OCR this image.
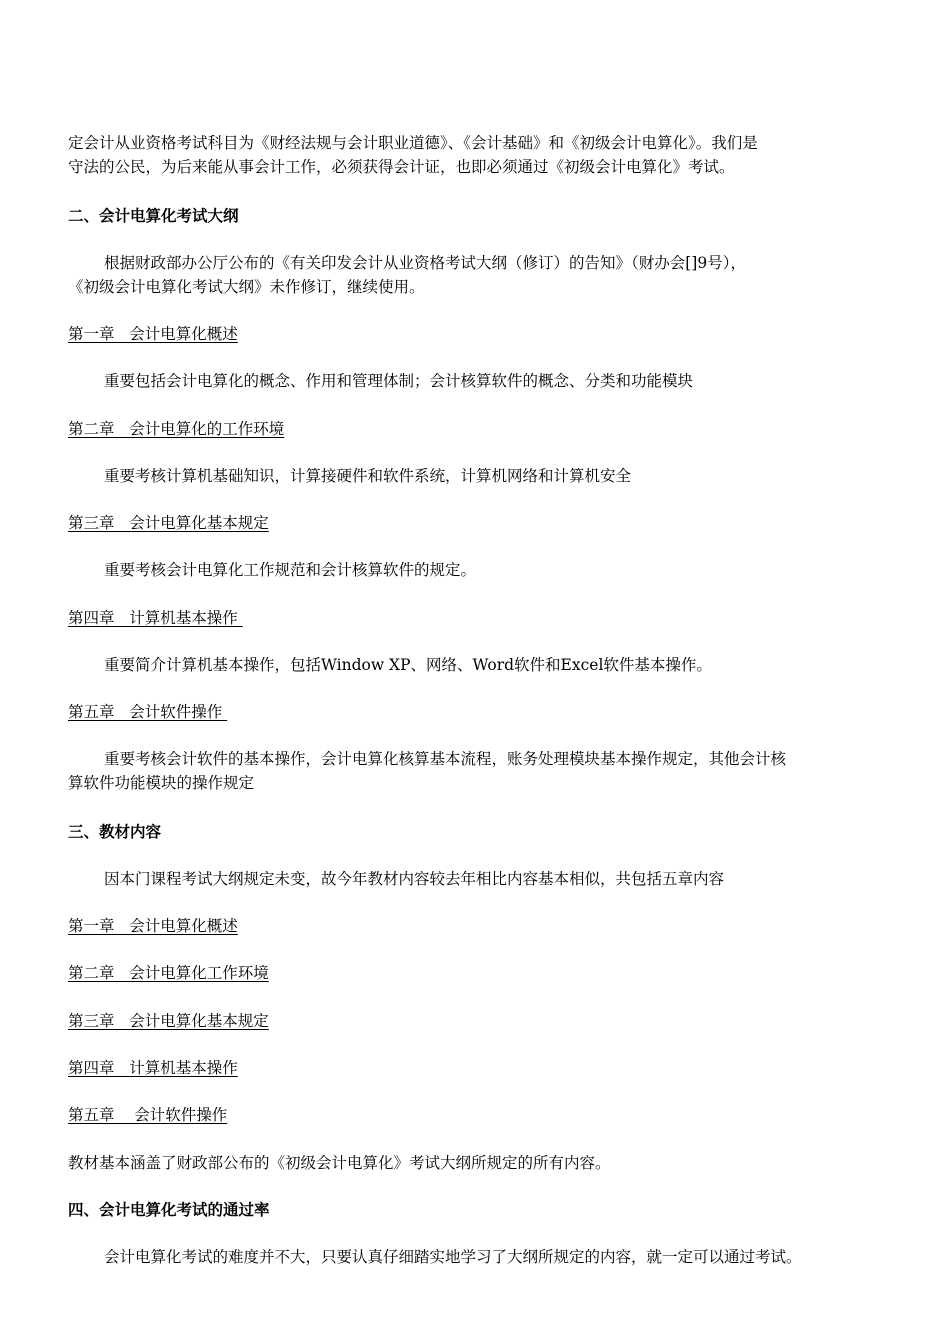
定会计从业资格考试科目为《财经法规与会计职业道德》、《会计基础》和《初级会计电算化》。我们是
守法的公民，为后来能从事会计工作，必须获得会计证，也即必须通过《初级会计电算化》考试。
二、会计电算化考试大纲
根据财政部办公厅公布的《有关印发会计从业资格考试大纲（修订）的告知》（财办会[]9号），
《初级会计电算化考试大纲》未作修订，继续使用。
第一章   会计电算化概述
重要包括会计电算化的概念、作用和管理体制；会计核算软件的概念、分类和功能模块
第二章   会计电算化的工作环境
重要考核计算机基础知识，计算接硬件和软件系统，计算机网络和计算机安全
第三章   会计电算化基本规定
重要考核会计电算化工作规范和会计核算软件的规定。
第四章   计算机基本操作
重要简介计算机基本操作，包括Window XP、网络、Word软件和Excel软件基本操作。
第五章   会计软件操作
重要考核会计软件的基本操作，会计电算化核算基本流程，账务处理模块基本操作规定，其他会计核
算软件功能模块的操作规定
三、教材内容
因本门课程考试大纲规定未变，故今年教材内容较去年相比内容基本相似，共包括五章内容
第一章   会计电算化概述
第二章   会计电算化工作环境
第三章   会计电算化基本规定
第四章   计算机基本操作
第五章    会计软件操作
教材基本涵盖了财政部公布的《初级会计电算化》考试大纲所规定的所有内容。
四、会计电算化考试的通过率
会计电算化考试的难度并不大，只要认真仔细踏实地学习了大纲所规定的内容，就一定可以通过考试。
